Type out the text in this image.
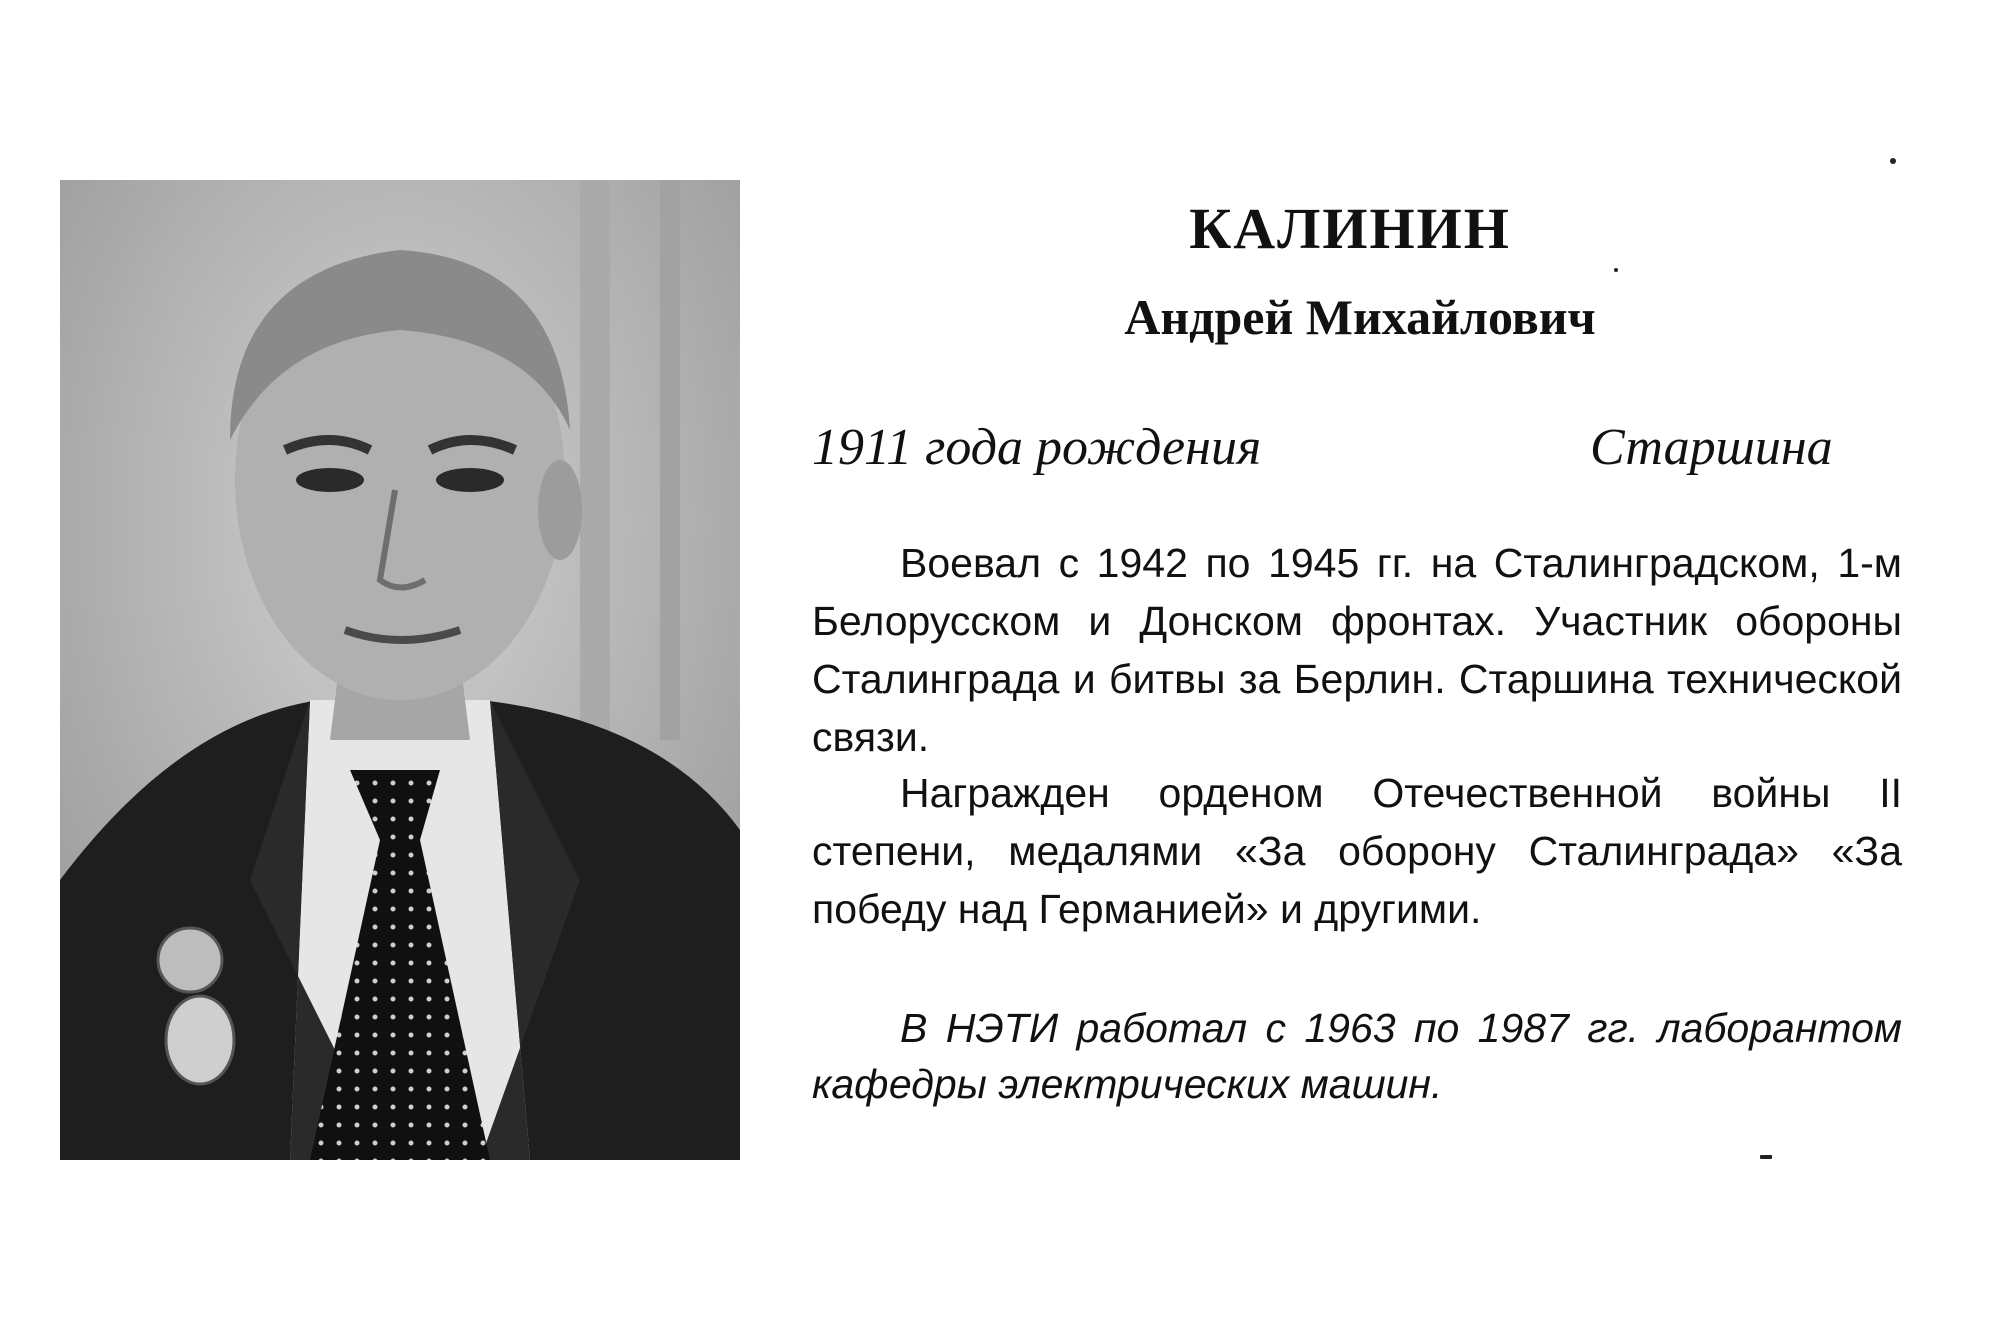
КАЛИНИН
Андрей Михайлович

1911 года рождения	Старшина

Воевал с 1942 по 1945 гг. на Сталинградском, 1-м Белорусском и Донском фронтах. Участник обороны Сталинграда и битвы за Берлин. Старшина технической связи.

Награжден орденом Отечественной войны II степени, медалями «За оборону Сталинграда» «За победу над Германией» и другими.

В НЭТИ работал с 1963 по 1987 гг. лаборантом кафедры электрических машин.
